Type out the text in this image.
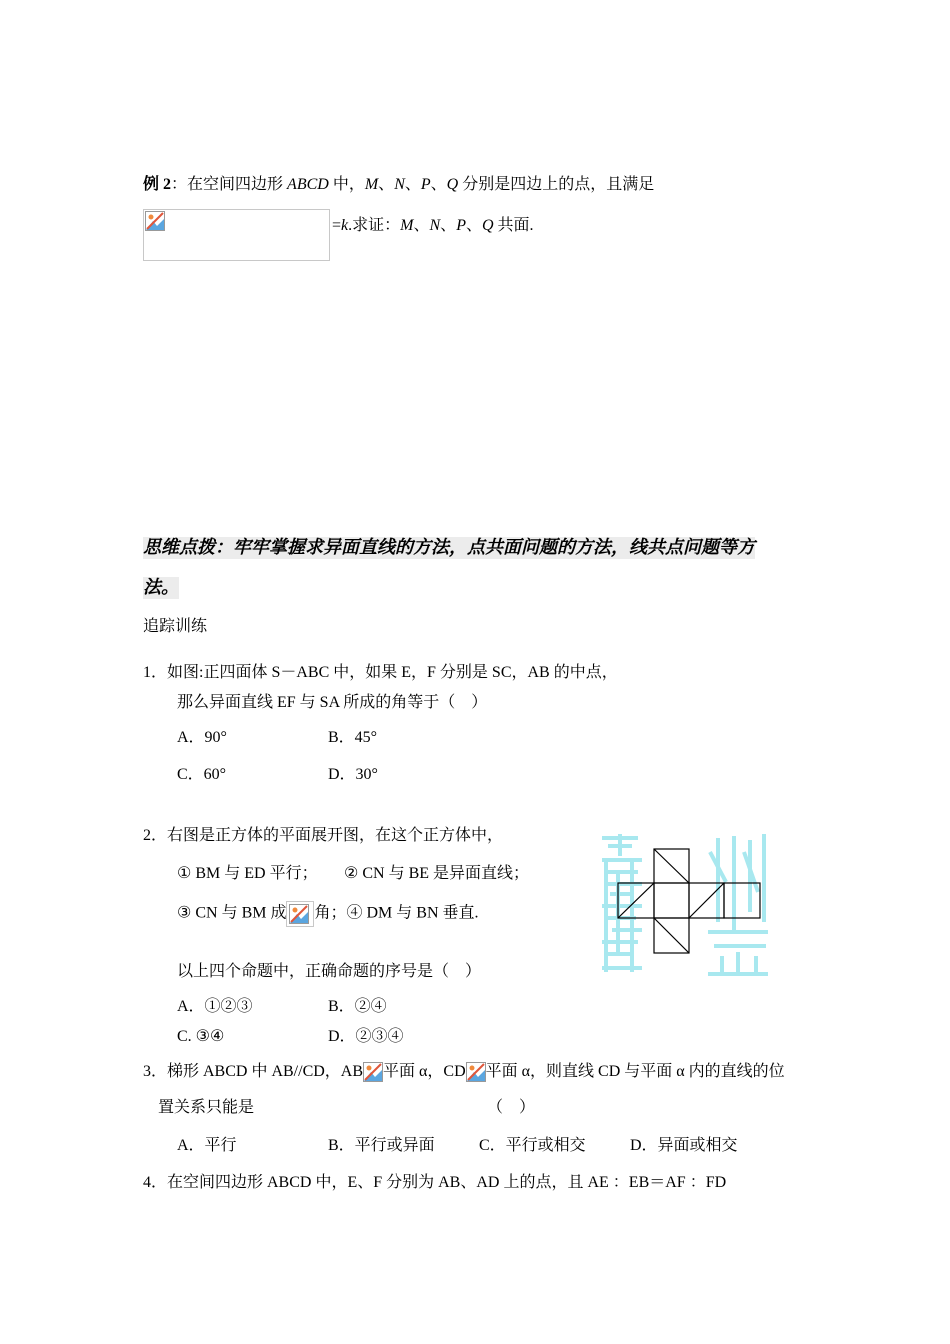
例 2：在空间四边形 ABCD 中，M、N、P、Q 分别是四边上的点，且满足
=k.求证：M、N、P、Q 共面.
思维点拨：牢牢掌握求异面直线的方法，点共面问题的方法，线共点问题等方
法。
追踪训练
1．如图:正四面体 S－ABC 中，如果 E，F 分别是 SC，AB 的中点，
那么异面直线 EF 与 SA 所成的角等于（　）
A．90°	B．45°
C．60°	D．30°
2．右图是正方体的平面展开图，在这个正方体中，
① BM 与 ED 平行； ② CN 与 BE 是异面直线；
③ CN 与 BM 成 角；④ DM 与 BN 垂直.
以上四个命题中，正确命题的序号是（　）
A．①②③	B．②④
C. ③④	D．②③④
3．梯形 ABCD 中 AB//CD，AB 平面 α，CD 平面 α，则直线 CD 与平面 α 内的直线的位
置关系只能是	（　）
A．平行	B．平行或异面	C．平行或相交	D．异面或相交
4．在空间四边形 ABCD 中，E、F 分别为 AB、AD 上的点，且 AE ：EB＝AF ：FD
